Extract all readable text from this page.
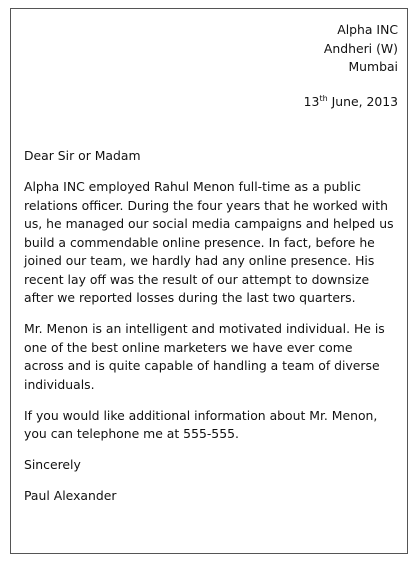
Alpha INC
Andheri (W)
Mumbai
13th June, 2013

Dear Sir or Madam

Alpha INC employed Rahul Menon full-time as a public relations officer. During the four years that he worked with us, he managed our social media campaigns and helped us build a commendable online presence. In fact, before he joined our team, we hardly had any online presence. His recent lay off was the result of our attempt to downsize after we reported losses during the last two quarters.

Mr. Menon is an intelligent and motivated individual. He is one of the best online marketers we have ever come across and is quite capable of handling a team of diverse individuals.

If you would like additional information about Mr. Menon, you can telephone me at 555-555.

Sincerely

Paul Alexander
